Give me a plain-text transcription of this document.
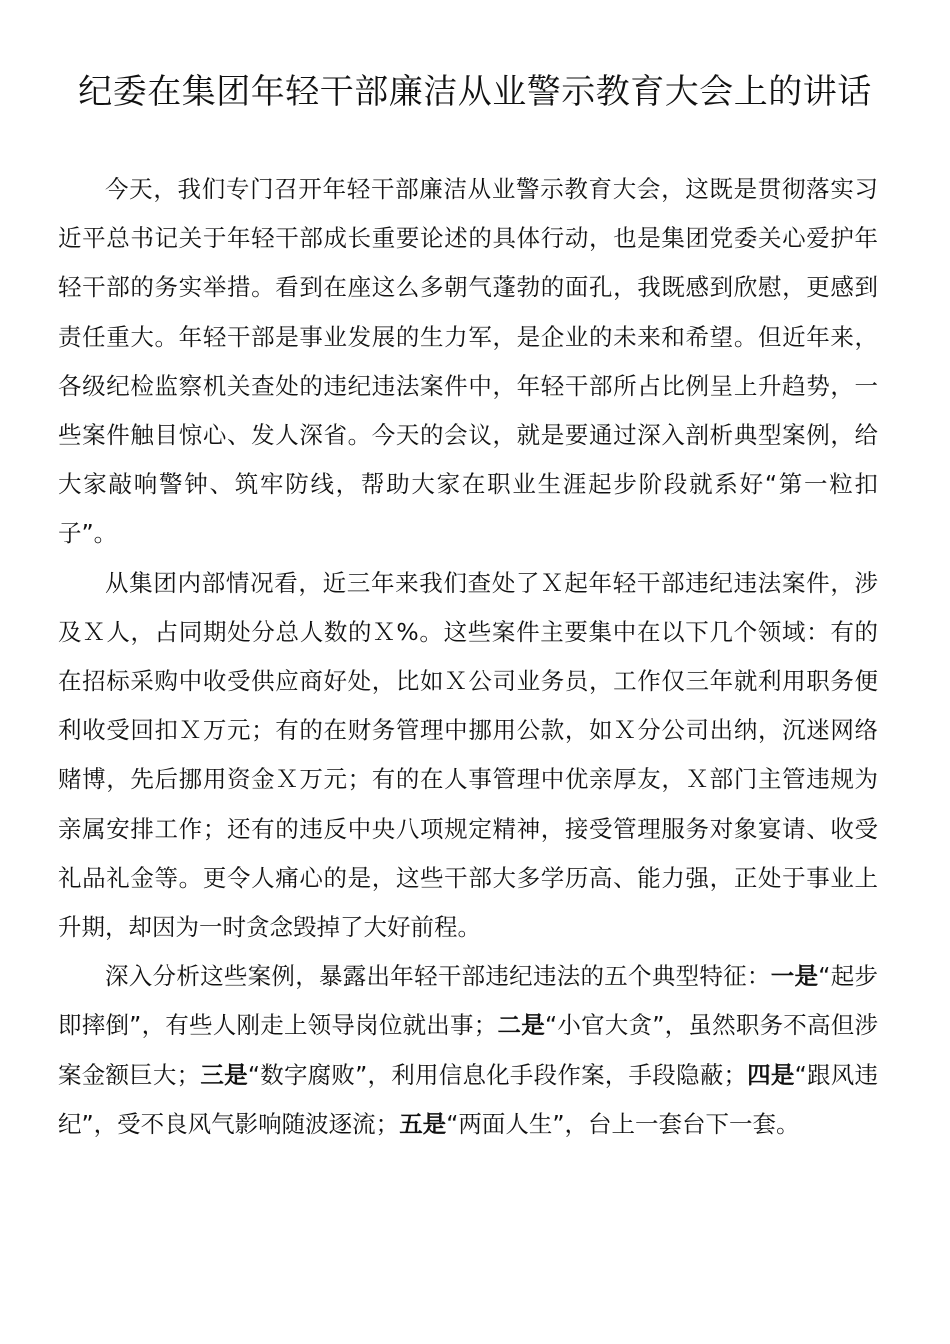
纪委在集团年轻干部廉洁从业警示教育大会上的讲话

今天，我们专门召开年轻干部廉洁从业警示教育大会，这既是贯彻落实习近平总书记关于年轻干部成长重要论述的具体行动，也是集团党委关心爱护年轻干部的务实举措。看到在座这么多朝气蓬勃的面孔，我既感到欣慰，更感到责任重大。年轻干部是事业发展的生力军，是企业的未来和希望。但近年来，各级纪检监察机关查处的违纪违法案件中，年轻干部所占比例呈上升趋势，一些案件触目惊心、发人深省。今天的会议，就是要通过深入剖析典型案例，给大家敲响警钟、筑牢防线，帮助大家在职业生涯起步阶段就系好“第一粒扣子”。

从集团内部情况看，近三年来我们查处了Ｘ起年轻干部违纪违法案件，涉及Ｘ人，占同期处分总人数的Ｘ%。这些案件主要集中在以下几个领域：有的在招标采购中收受供应商好处，比如Ｘ公司业务员，工作仅三年就利用职务便利收受回扣Ｘ万元；有的在财务管理中挪用公款，如Ｘ分公司出纳，沉迷网络赌博，先后挪用资金Ｘ万元；有的在人事管理中优亲厚友，Ｘ部门主管违规为亲属安排工作；还有的违反中央八项规定精神，接受管理服务对象宴请、收受礼品礼金等。更令人痛心的是，这些干部大多学历高、能力强，正处于事业上升期，却因为一时贪念毁掉了大好前程。

深入分析这些案例，暴露出年轻干部违纪违法的五个典型特征：一是“起步即摔倒”，有些人刚走上领导岗位就出事；二是“小官大贪”，虽然职务不高但涉案金额巨大；三是“数字腐败”，利用信息化手段作案，手段隐蔽；四是“跟风违纪”，受不良风气影响随波逐流；五是“两面人生”，台上一套台下一套。
